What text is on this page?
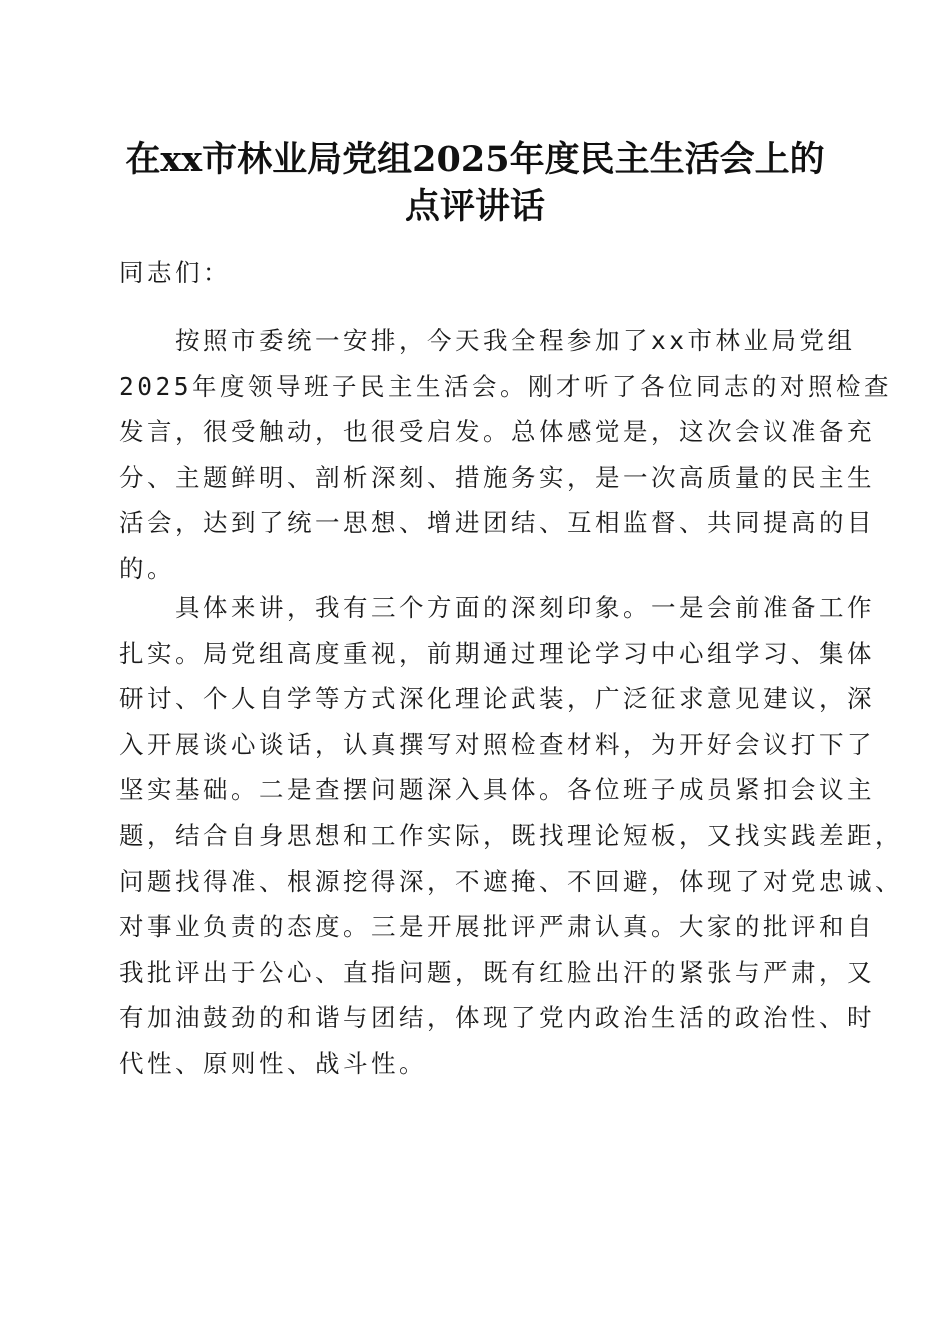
在xx市林业局党组2025年度民主生活会上的
点评讲话
同志们：
按照市委统一安排，今天我全程参加了xx市林业局党组
2025年度领导班子民主生活会。刚才听了各位同志的对照检查
发言，很受触动，也很受启发。总体感觉是，这次会议准备充
分、主题鲜明、剖析深刻、措施务实，是一次高质量的民主生
活会，达到了统一思想、增进团结、互相监督、共同提高的目
的。
具体来讲，我有三个方面的深刻印象。一是会前准备工作
扎实。局党组高度重视，前期通过理论学习中心组学习、集体
研讨、个人自学等方式深化理论武装，广泛征求意见建议，深
入开展谈心谈话，认真撰写对照检查材料，为开好会议打下了
坚实基础。二是查摆问题深入具体。各位班子成员紧扣会议主
题，结合自身思想和工作实际，既找理论短板，又找实践差距，
问题找得准、根源挖得深，不遮掩、不回避，体现了对党忠诚、
对事业负责的态度。三是开展批评严肃认真。大家的批评和自
我批评出于公心、直指问题，既有红脸出汗的紧张与严肃，又
有加油鼓劲的和谐与团结，体现了党内政治生活的政治性、时
代性、原则性、战斗性。
